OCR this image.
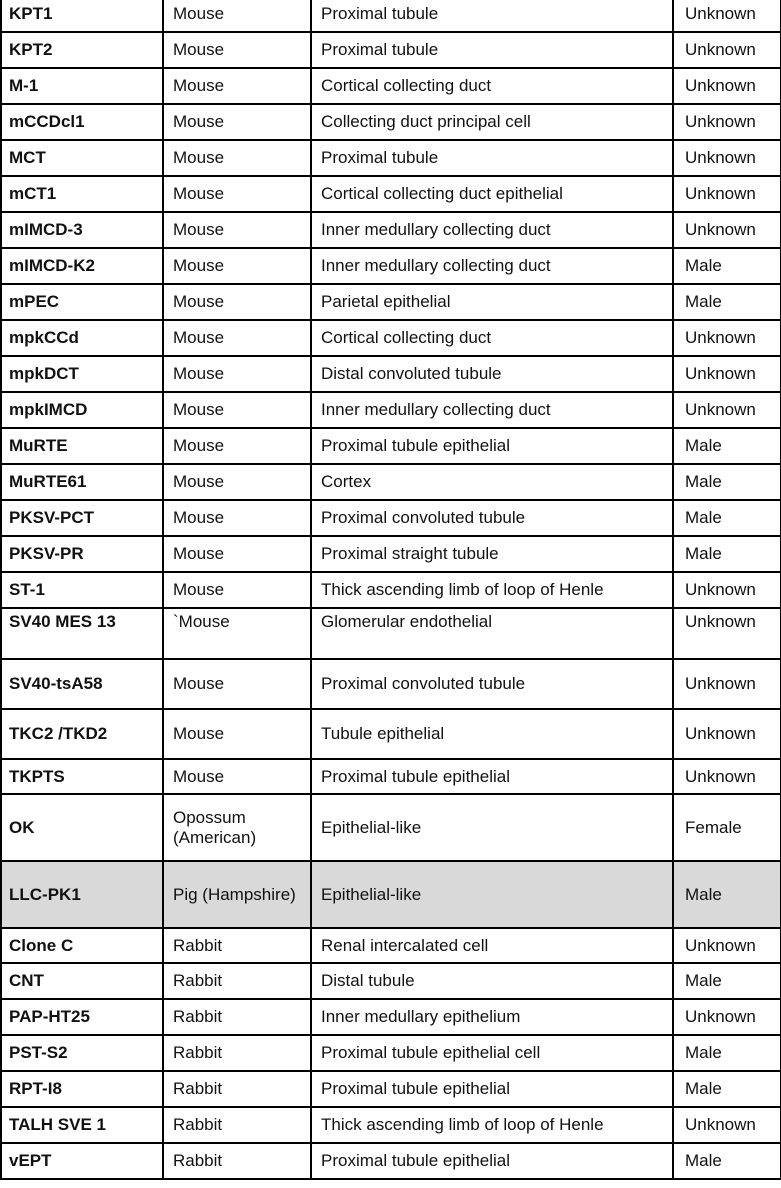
KPT1	Mouse	Proximal tubule	Unknown
KPT2	Mouse	Proximal tubule	Unknown
M-1	Mouse	Cortical collecting duct	Unknown
mCCDcl1	Mouse	Collecting duct principal cell	Unknown
MCT	Mouse	Proximal tubule	Unknown
mCT1	Mouse	Cortical collecting duct epithelial	Unknown
mIMCD-3	Mouse	Inner medullary collecting duct	Unknown
mIMCD-K2	Mouse	Inner medullary collecting duct	Male
mPEC	Mouse	Parietal epithelial	Male
mpkCCd	Mouse	Cortical collecting duct	Unknown
mpkDCT	Mouse	Distal convoluted tubule	Unknown
mpkIMCD	Mouse	Inner medullary collecting duct	Unknown
MuRTE	Mouse	Proximal tubule epithelial	Male
MuRTE61	Mouse	Cortex	Male
PKSV-PCT	Mouse	Proximal convoluted tubule	Male
PKSV-PR	Mouse	Proximal straight tubule	Male
ST-1	Mouse	Thick ascending limb of loop of Henle	Unknown
SV40 MES 13	`Mouse	Glomerular endothelial	Unknown
SV40-tsA58	Mouse	Proximal convoluted tubule	Unknown
TKC2 /TKD2	Mouse	Tubule epithelial	Unknown
TKPTS	Mouse	Proximal tubule epithelial	Unknown
OK	Opossum (American)	Epithelial-like	Female
LLC-PK1	Pig (Hampshire)	Epithelial-like	Male
Clone C	Rabbit	Renal intercalated cell	Unknown
CNT	Rabbit	Distal tubule	Male
PAP-HT25	Rabbit	Inner medullary epithelium	Unknown
PST-S2	Rabbit	Proximal tubule epithelial cell	Male
RPT-I8	Rabbit	Proximal tubule epithelial	Male
TALH SVE 1	Rabbit	Thick ascending limb of loop of Henle	Unknown
vEPT	Rabbit	Proximal tubule epithelial	Male
